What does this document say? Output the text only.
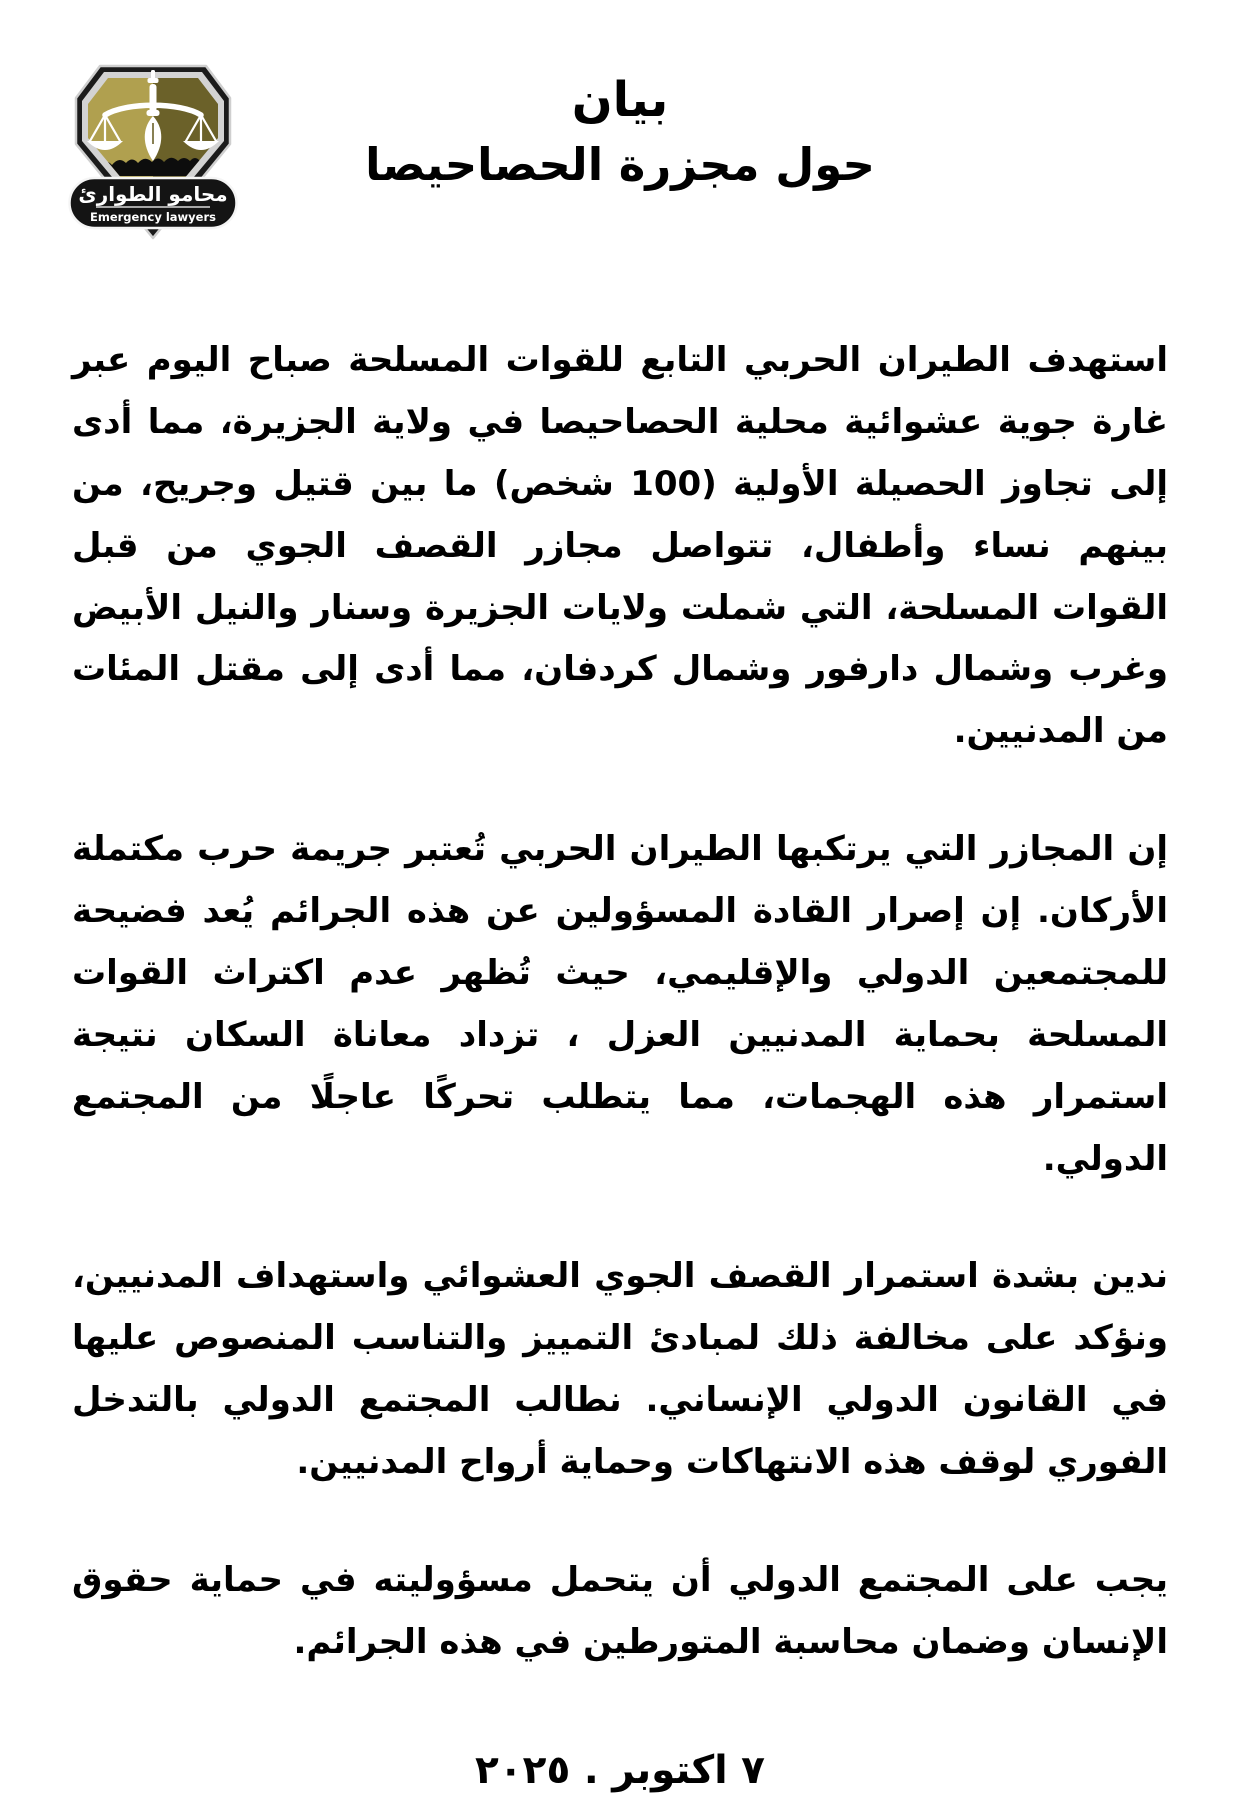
محامو الطوارئ
Emergency lawyers
بيان
حول مجزرة الحصاحيصا

استهدف الطيران الحربي التابع للقوات المسلحة صباح اليوم عبر غارة جوية عشوائية محلية الحصاحيصا في ولاية الجزيرة، مما أدى إلى تجاوز الحصيلة الأولية (100 شخص) ما بين قتيل وجريح، من بينهم نساء وأطفال، تتواصل مجازر القصف الجوي من قبل القوات المسلحة، التي شملت ولايات الجزيرة وسنار والنيل الأبيض وغرب وشمال دارفور وشمال كردفان، مما أدى إلى مقتل المئات من المدنيين.

إن المجازر التي يرتكبها الطيران الحربي تُعتبر جريمة حرب مكتملة الأركان. إن إصرار القادة المسؤولين عن هذه الجرائم يُعد فضيحة للمجتمعين الدولي والإقليمي، حيث تُظهر عدم اكتراث القوات المسلحة بحماية المدنيين العزل ، تزداد معاناة السكان نتيجة استمرار هذه الهجمات، مما يتطلب تحركًا عاجلًا من المجتمع الدولي.

ندين بشدة استمرار القصف الجوي العشوائي واستهداف المدنيين، ونؤكد على مخالفة ذلك لمبادئ التمييز والتناسب المنصوص عليها في القانون الدولي الإنساني. نطالب المجتمع الدولي بالتدخل الفوري لوقف هذه الانتهاكات وحماية أرواح المدنيين.

يجب على المجتمع الدولي أن يتحمل مسؤوليته في حماية حقوق الإنسان وضمان محاسبة المتورطين في هذه الجرائم.

٧ اكتوبر . ٢٠٢٥
